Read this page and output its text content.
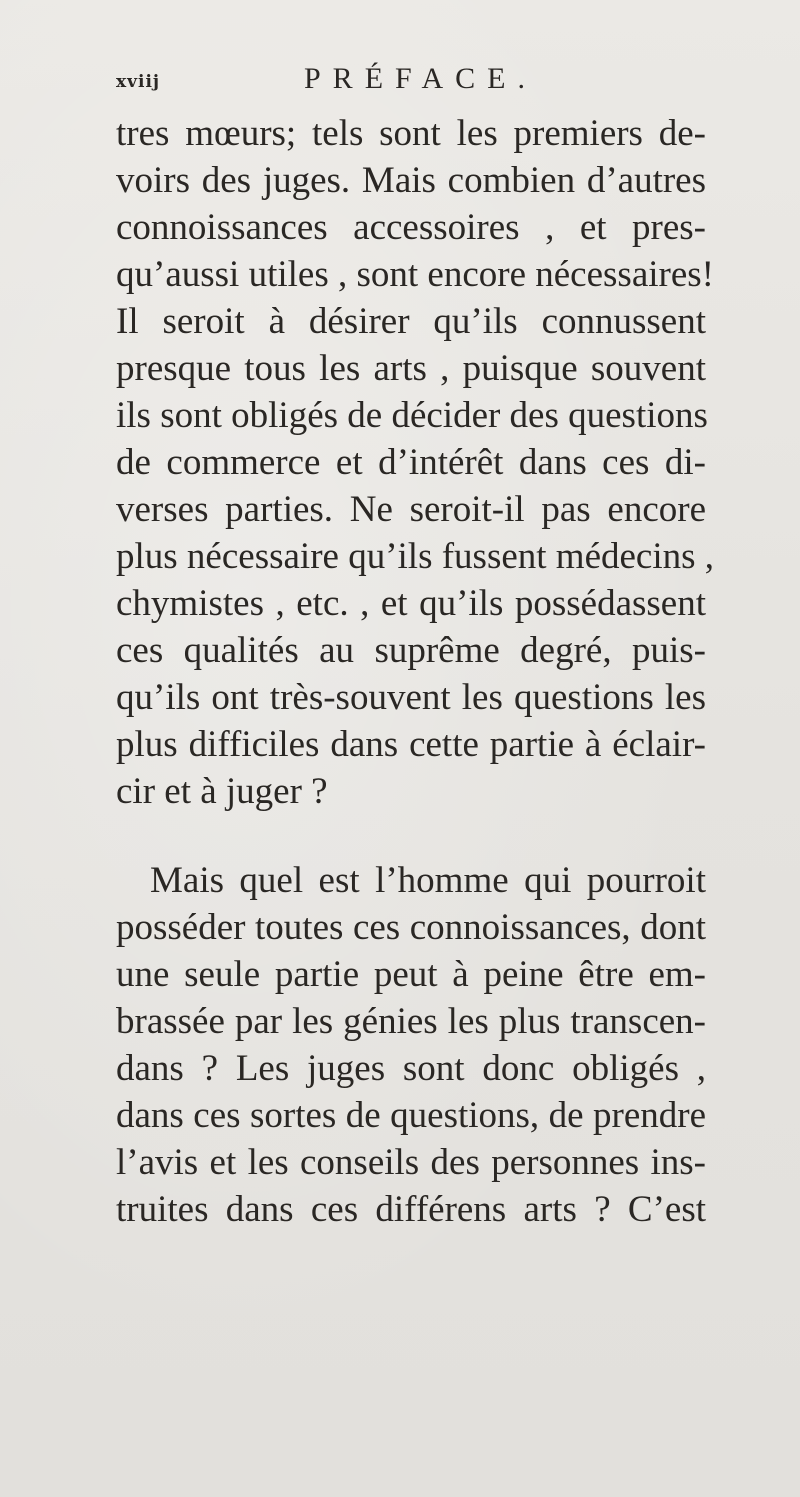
xviij	PRÉFACE.
tres mœurs; tels sont les premiers de-
voirs des juges. Mais combien d’autres
connoissances accessoires , et pres-
qu’aussi utiles , sont encore nécessaires!
Il seroit à désirer qu’ils connussent
presque tous les arts , puisque souvent
ils sont obligés de décider des questions
de commerce et d’intérêt dans ces di-
verses parties. Ne seroit-il pas encore
plus nécessaire qu’ils fussent médecins ,
chymistes , etc. , et qu’ils possédassent
ces qualités au suprême degré, puis-
qu’ils ont très-souvent les questions les
plus difficiles dans cette partie à éclair-
cir et à juger ?
Mais quel est l’homme qui pourroit
posséder toutes ces connoissances, dont
une seule partie peut à peine être em-
brassée par les génies les plus transcen-
dans ? Les juges sont donc obligés ,
dans ces sortes de questions, de prendre
l’avis et les conseils des personnes ins-
truites dans ces différens arts ? C’est
